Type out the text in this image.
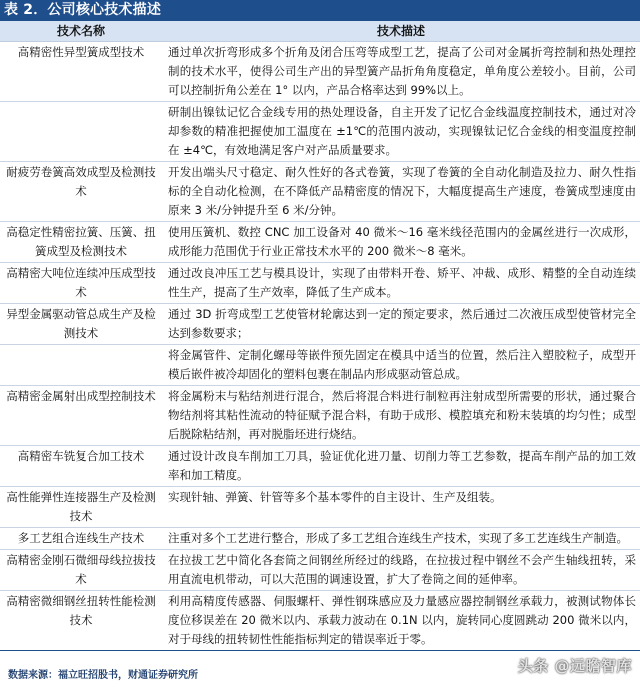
表 2．公司核心技术描述
技术名称	技术描述
高精密性异型簧成型技术	通过单次折弯形成多个折角及闭合压弯等成型工艺，提高了公司对金属折弯控制和热处理控制的技术水平，使得公司生产出的异型簧产品折角角度稳定，单角度公差较小。目前，公司可以控制折角公差在 1° 以内，产品合格率达到 99%以上。
	研制出镍钛记忆合金线专用的热处理设备，自主开发了记忆合金线温度控制技术，通过对冷却参数的精准把握使加工温度在 ±1℃的范围内波动，实现镍钛记忆合金线的相变温度控制在 ±4℃，有效地满足客户对产品质量要求。
耐疲劳卷簧高效成型及检测技术	开发出端头尺寸稳定、耐久性好的各式卷簧，实现了卷簧的全自动化制造及拉力、耐久性指标的全自动化检测，在不降低产品精密度的情况下，大幅度提高生产速度，卷簧成型速度由原来 3 米/分钟提升至 6 米/分钟。
高稳定性精密拉簧、压簧、扭簧成型及检测技术	使用压簧机、数控 CNC 加工设备对 40 微米～16 毫米线径范围内的金属丝进行一次成形，成形能力范围优于行业正常技术水平的 200 微米～8 毫米。
高精密大吨位连续冲压成型技术	通过改良冲压工艺与模具设计，实现了由带料开卷、矫平、冲裁、成形、精整的全自动连续性生产，提高了生产效率，降低了生产成本。
异型金属驱动管总成生产及检测技术	通过 3D 折弯成型工艺使管材轮廓达到一定的预定要求，然后通过二次液压成型使管材完全达到参数要求；
	将金属管件、定制化螺母等嵌件预先固定在模具中适当的位置，然后注入塑胶粒子，成型开模后嵌件被冷却固化的塑料包裹在制品内形成驱动管总成。
高精密金属射出成型控制技术	将金属粉末与粘结剂进行混合，然后将混合料进行制粒再注射成型所需要的形状，通过聚合物结剂将其粘性流动的特征赋予混合料，有助于成形、模腔填充和粉末装填的均匀性；成型后脱除粘结剂，再对脱脂坯进行烧结。
高精密车铣复合加工技术	通过设计改良车削加工刀具，验证优化进刀量、切削力等工艺参数，提高车削产品的加工效率和加工精度。
高性能弹性连接器生产及检测技术	实现针轴、弹簧、针管等多个基本零件的自主设计、生产及组装。
多工艺组合连线生产技术	注重对多个工艺进行整合，形成了多工艺组合连线生产技术，实现了多工艺连线生产制造。
高精密金刚石微细母线拉拔技术	在拉拔工艺中简化各套筒之间钢丝所经过的线路，在拉拔过程中钢丝不会产生轴线扭转，采用直流电机带动，可以大范围的调速设置，扩大了卷筒之间的延伸率。
高精密微细钢丝扭转性能检测技术	利用高精度传感器、伺服螺杆、弹性钢珠感应及力量感应器控制钢丝承载力，被测试物体长度位移误差在 20 微米以内、承载力波动在 0.1N 以内，旋转同心度圆跳动 200 微米以内，对于母线的扭转韧性性能指标判定的错误率近于零。
数据来源：福立旺招股书，财通证券研究所
头条 @远瞻智库
